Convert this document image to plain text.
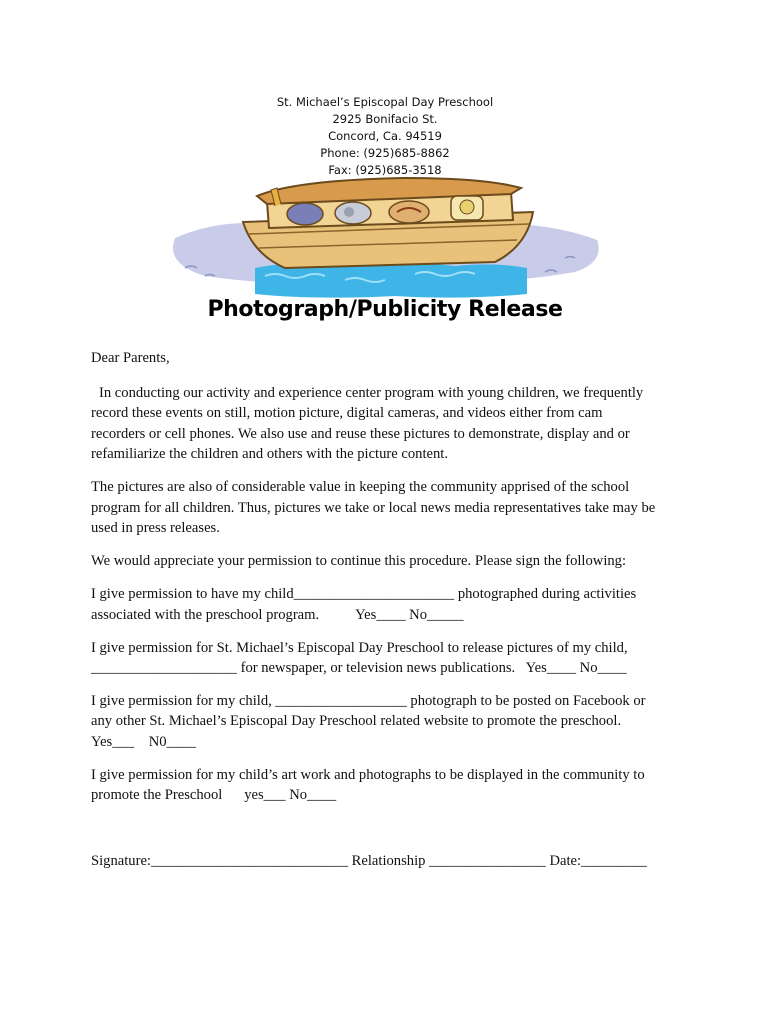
St. Michael’s Episcopal Day Preschool
2925 Bonifacio St.
Concord, Ca. 94519
Phone: (925)685-8862
Fax: (925)685-3518
Photograph/Publicity Release

Dear Parents,

In conducting our activity and experience center program with young children, we frequently
record these events on still, motion picture, digital cameras, and videos either from cam
recorders or cell phones. We also use and reuse these pictures to demonstrate, display and or
refamiliarize the children and others with the picture content.

The pictures are also of considerable value in keeping the community apprised of the school
program for all children. Thus, pictures we take or local news media representatives take may be
used in press releases.

We would appreciate your permission to continue this procedure. Please sign the following:

I give permission to have my child______________________ photographed during activities
associated with the preschool program.          Yes____ No_____

I give permission for St. Michael’s Episcopal Day Preschool to release pictures of my child,
____________________ for newspaper, or television news publications.   Yes____ No____

I give permission for my child, __________________ photograph to be posted on Facebook or
any other St. Michael’s Episcopal Day Preschool related website to promote the preschool.
Yes___    N0____

I give permission for my child’s art work and photographs to be displayed in the community to
promote the Preschool      yes___ No____

Signature:___________________________ Relationship ________________ Date:_________
